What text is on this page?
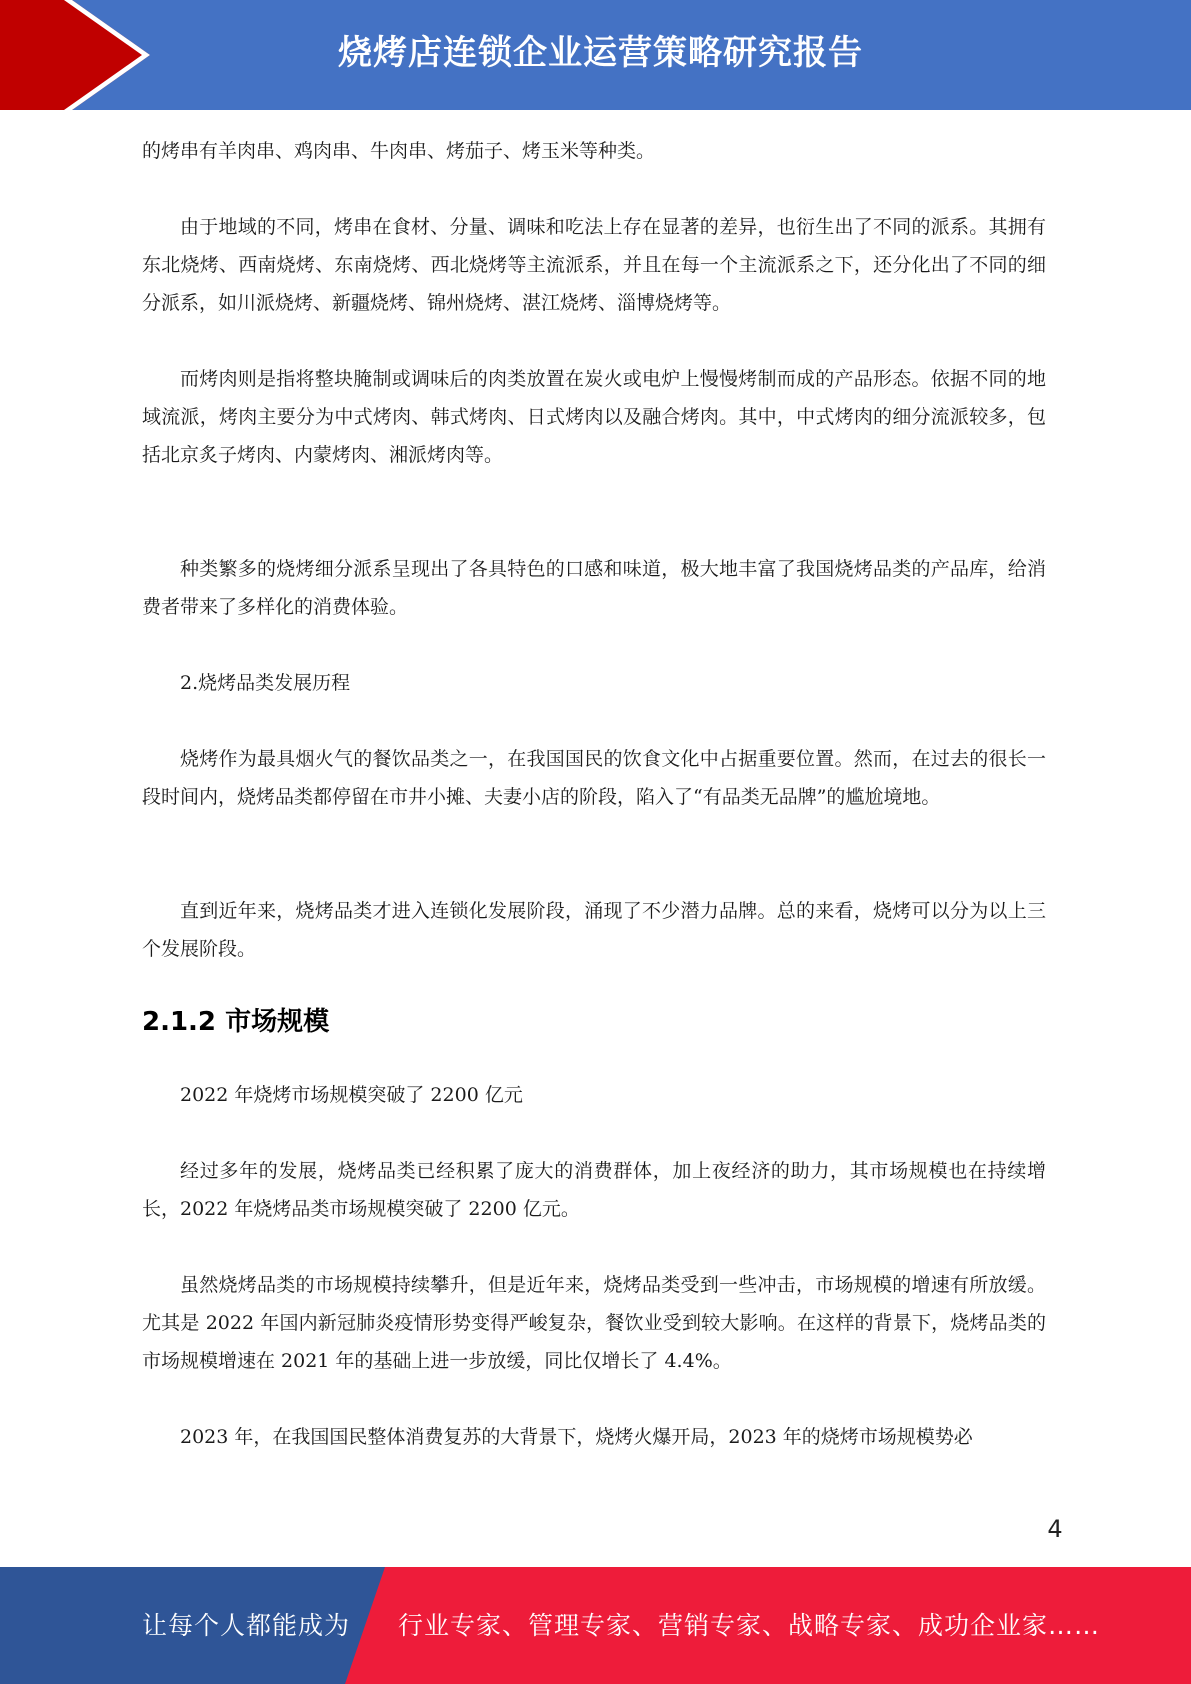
烧烤店连锁企业运营策略研究报告

的烤串有羊肉串、鸡肉串、牛肉串、烤茄子、烤玉米等种类。

由于地域的不同，烤串在食材、分量、调味和吃法上存在显著的差异，也衍生出了不同的派系。其拥有东北烧烤、西南烧烤、东南烧烤、西北烧烤等主流派系，并且在每一个主流派系之下，还分化出了不同的细分派系，如川派烧烤、新疆烧烤、锦州烧烤、湛江烧烤、淄博烧烤等。

而烤肉则是指将整块腌制或调味后的肉类放置在炭火或电炉上慢慢烤制而成的产品形态。依据不同的地域流派，烤肉主要分为中式烤肉、韩式烤肉、日式烤肉以及融合烤肉。其中，中式烤肉的细分流派较多，包括北京炙子烤肉、内蒙烤肉、湘派烤肉等。

种类繁多的烧烤细分派系呈现出了各具特色的口感和味道，极大地丰富了我国烧烤品类的产品库，给消费者带来了多样化的消费体验。

2.烧烤品类发展历程

烧烤作为最具烟火气的餐饮品类之一，在我国国民的饮食文化中占据重要位置。然而，在过去的很长一段时间内，烧烤品类都停留在市井小摊、夫妻小店的阶段，陷入了“有品类无品牌”的尴尬境地。

直到近年来，烧烤品类才进入连锁化发展阶段，涌现了不少潜力品牌。总的来看，烧烤可以分为以上三个发展阶段。

2.1.2 市场规模

2022 年烧烤市场规模突破了 2200 亿元

经过多年的发展，烧烤品类已经积累了庞大的消费群体，加上夜经济的助力，其市场规模也在持续增长，2022 年烧烤品类市场规模突破了 2200 亿元。

虽然烧烤品类的市场规模持续攀升，但是近年来，烧烤品类受到一些冲击，市场规模的增速有所放缓。尤其是 2022 年国内新冠肺炎疫情形势变得严峻复杂，餐饮业受到较大影响。在这样的背景下，烧烤品类的市场规模增速在 2021 年的基础上进一步放缓，同比仅增长了 4.4%。

2023 年，在我国国民整体消费复苏的大背景下，烧烤火爆开局，2023 年的烧烤市场规模势必

4
让每个人都能成为 行业专家、管理专家、营销专家、战略专家、成功企业家……
